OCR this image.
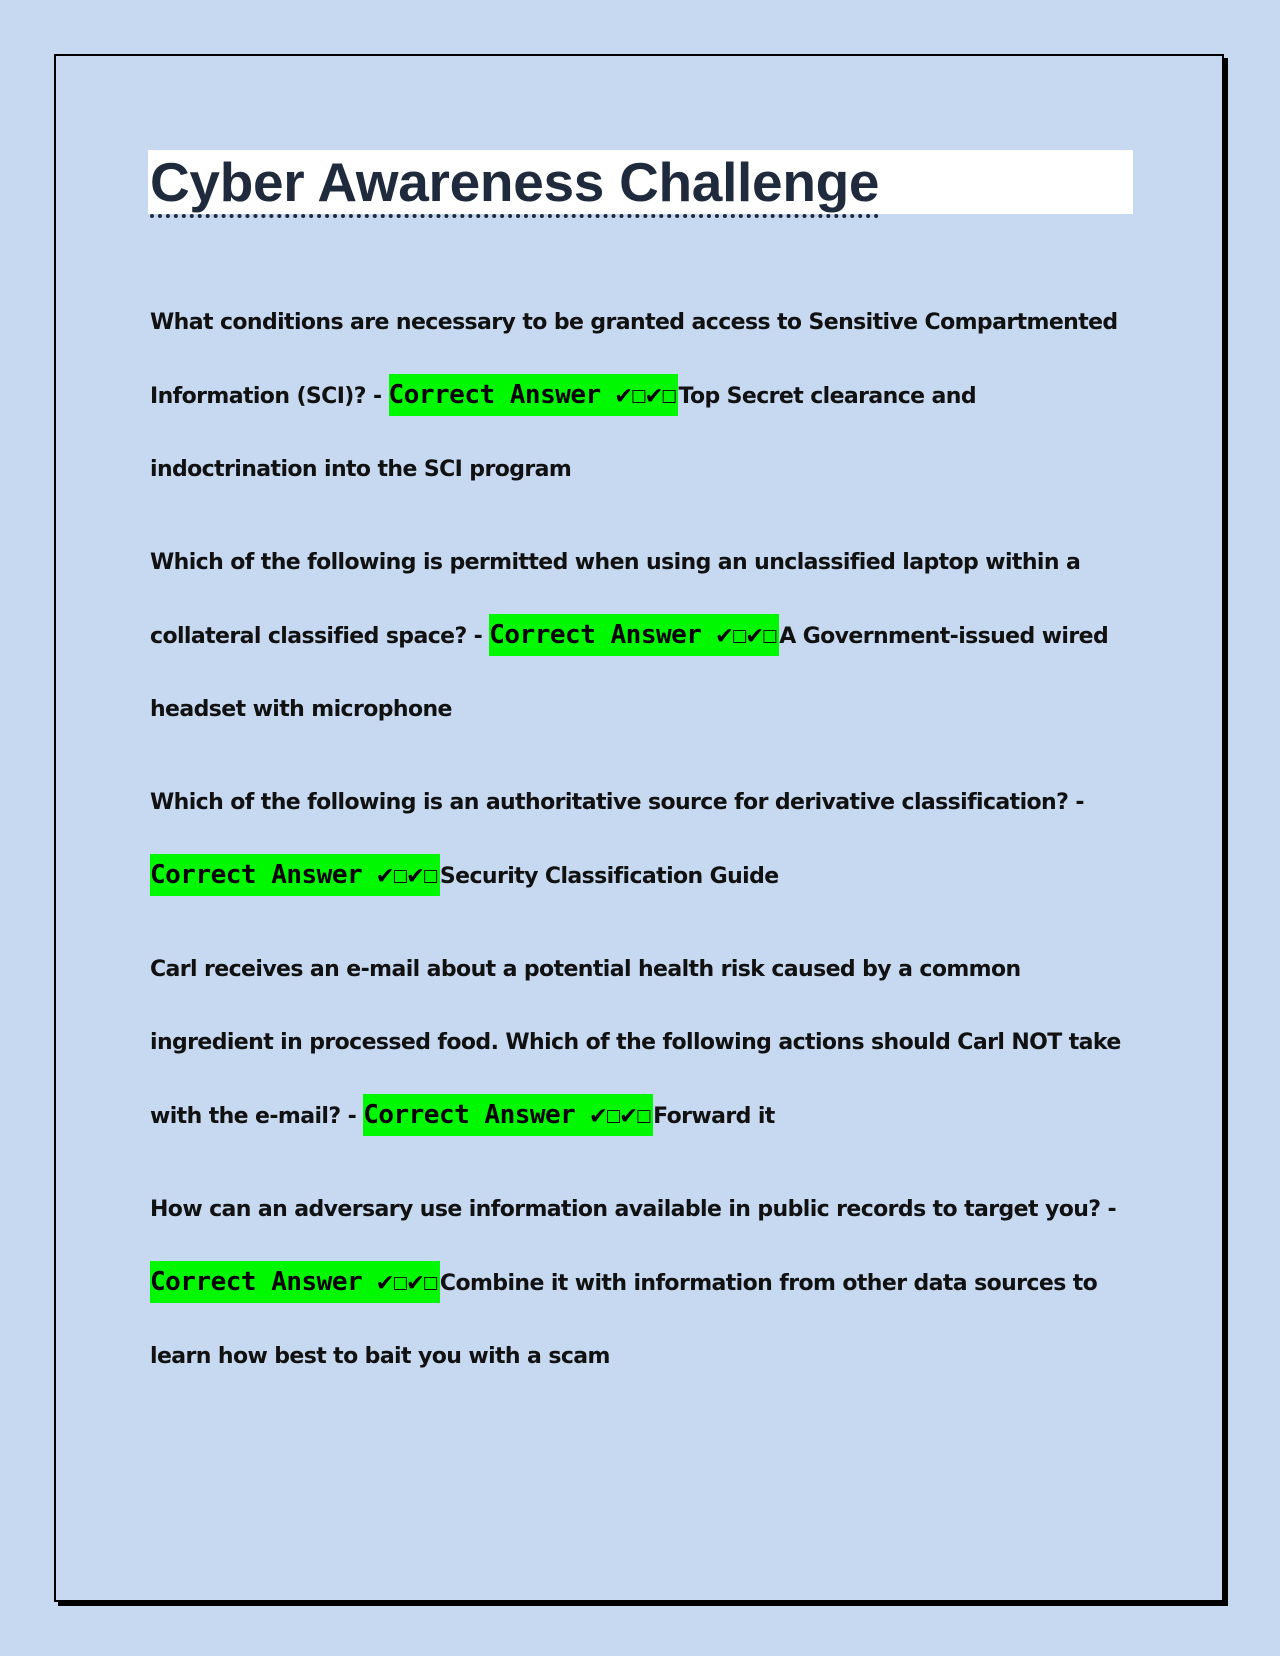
Cyber Awareness Challenge

What conditions are necessary to be granted access to Sensitive Compartmented Information (SCI)? - Correct Answer ✔☐✔☐Top Secret clearance and indoctrination into the SCI program

Which of the following is permitted when using an unclassified laptop within a collateral classified space? - Correct Answer ✔☐✔☐A Government-issued wired headset with microphone

Which of the following is an authoritative source for derivative classification? - Correct Answer ✔☐✔☐Security Classification Guide

Carl receives an e-mail about a potential health risk caused by a common ingredient in processed food. Which of the following actions should Carl NOT take with the e-mail? - Correct Answer ✔☐✔☐Forward it

How can an adversary use information available in public records to target you? - Correct Answer ✔☐✔☐Combine it with information from other data sources to learn how best to bait you with a scam
